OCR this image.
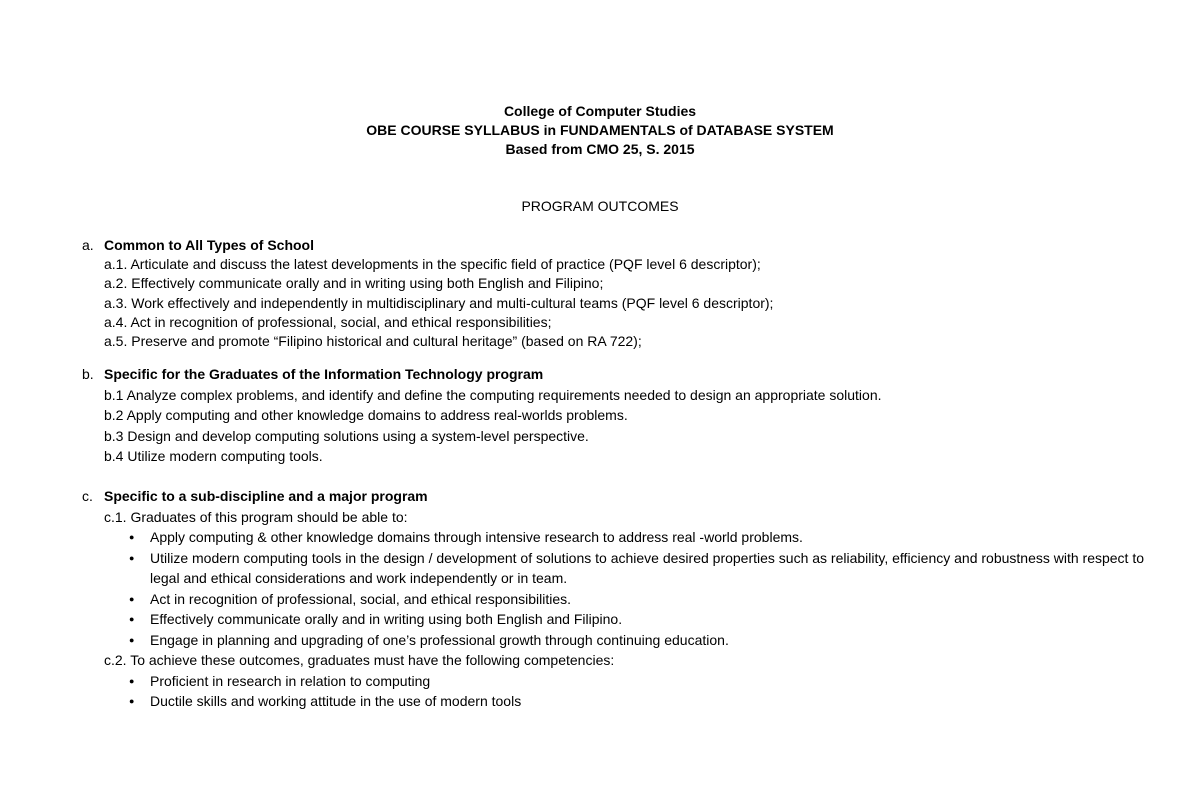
College of Computer Studies
OBE COURSE SYLLABUS in FUNDAMENTALS of DATABASE SYSTEM
Based from CMO 25, S. 2015
PROGRAM OUTCOMES
a. Common to All Types of School
a.1. Articulate and discuss the latest developments in the specific field of practice (PQF level 6 descriptor);
a.2. Effectively communicate orally and in writing using both English and Filipino;
a.3. Work effectively and independently in multidisciplinary and multi-cultural teams (PQF level 6 descriptor);
a.4. Act in recognition of professional, social, and ethical responsibilities;
a.5. Preserve and promote “Filipino historical and cultural heritage” (based on RA 722);
b. Specific for the Graduates of the Information Technology program
b.1 Analyze complex problems, and identify and define the computing requirements needed to design an appropriate solution.
b.2 Apply computing and other knowledge domains to address real-worlds problems.
b.3 Design and develop computing solutions using a system-level perspective.
b.4 Utilize modern computing tools.
c. Specific to a sub-discipline and a major program
c.1. Graduates of this program should be able to:
● Apply computing & other knowledge domains through intensive research to address real -world problems.
● Utilize modern computing tools in the design / development of solutions to achieve desired properties such as reliability, efficiency and robustness with respect to legal and ethical considerations and work independently or in team.
● Act in recognition of professional, social, and ethical responsibilities.
● Effectively communicate orally and in writing using both English and Filipino.
● Engage in planning and upgrading of one’s professional growth through continuing education.
c.2. To achieve these outcomes, graduates must have the following competencies:
● Proficient in research in relation to computing
● Ductile skills and working attitude in the use of modern tools
